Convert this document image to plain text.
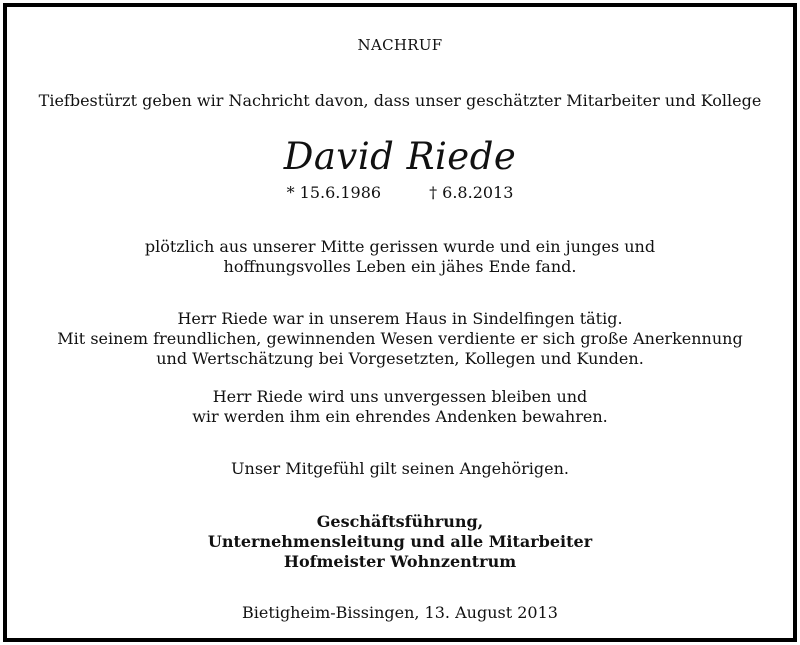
NACHRUF
Tiefbestürzt geben wir Nachricht davon, dass unser geschätzter Mitarbeiter und Kollege
David Riede
* 15.6.1986	† 6.8.2013
plötzlich aus unserer Mitte gerissen wurde und ein junges und
hoffnungsvolles Leben ein jähes Ende fand.
Herr Riede war in unserem Haus in Sindelfingen tätig.
Mit seinem freundlichen, gewinnenden Wesen verdiente er sich große Anerkennung
und Wertschätzung bei Vorgesetzten, Kollegen und Kunden.
Herr Riede wird uns unvergessen bleiben und
wir werden ihm ein ehrendes Andenken bewahren.
Unser Mitgefühl gilt seinen Angehörigen.
Geschäftsführung,
Unternehmensleitung und alle Mitarbeiter
Hofmeister Wohnzentrum
Bietigheim-Bissingen, 13. August 2013
